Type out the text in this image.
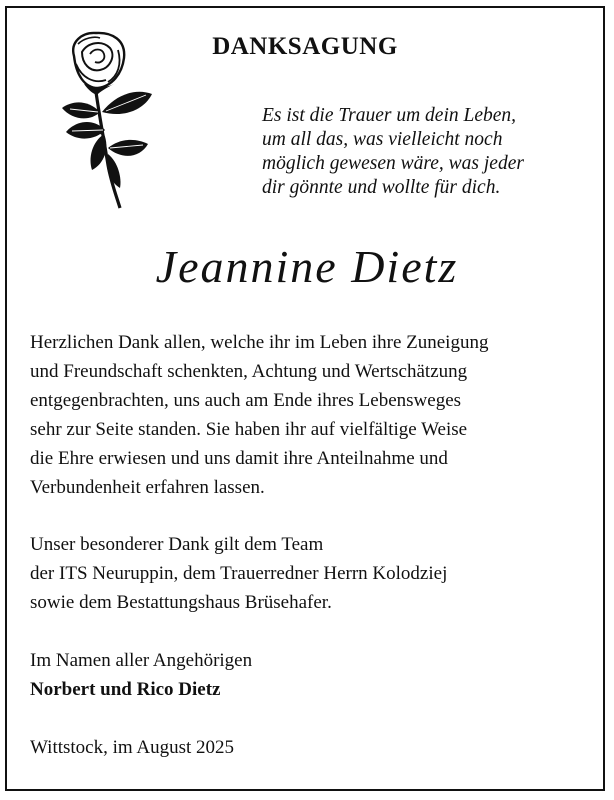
DANKSAGUNG
Es ist die Trauer um dein Leben,
um all das, was vielleicht noch
möglich gewesen wäre, was jeder
dir gönnte und wollte für dich.
Jeannine Dietz
Herzlichen Dank allen, welche ihr im Leben ihre Zuneigung
und Freundschaft schenkten, Achtung und Wertschätzung
entgegenbrachten, uns auch am Ende ihres Lebensweges
sehr zur Seite standen. Sie haben ihr auf vielfältige Weise
die Ehre erwiesen und uns damit ihre Anteilnahme und
Verbundenheit erfahren lassen.
Unser besonderer Dank gilt dem Team
der ITS Neuruppin, dem Trauerredner Herrn Kolodziej
sowie dem Bestattungshaus Brüsehafer.
Im Namen aller Angehörigen
Norbert und Rico Dietz
Wittstock, im August 2025
